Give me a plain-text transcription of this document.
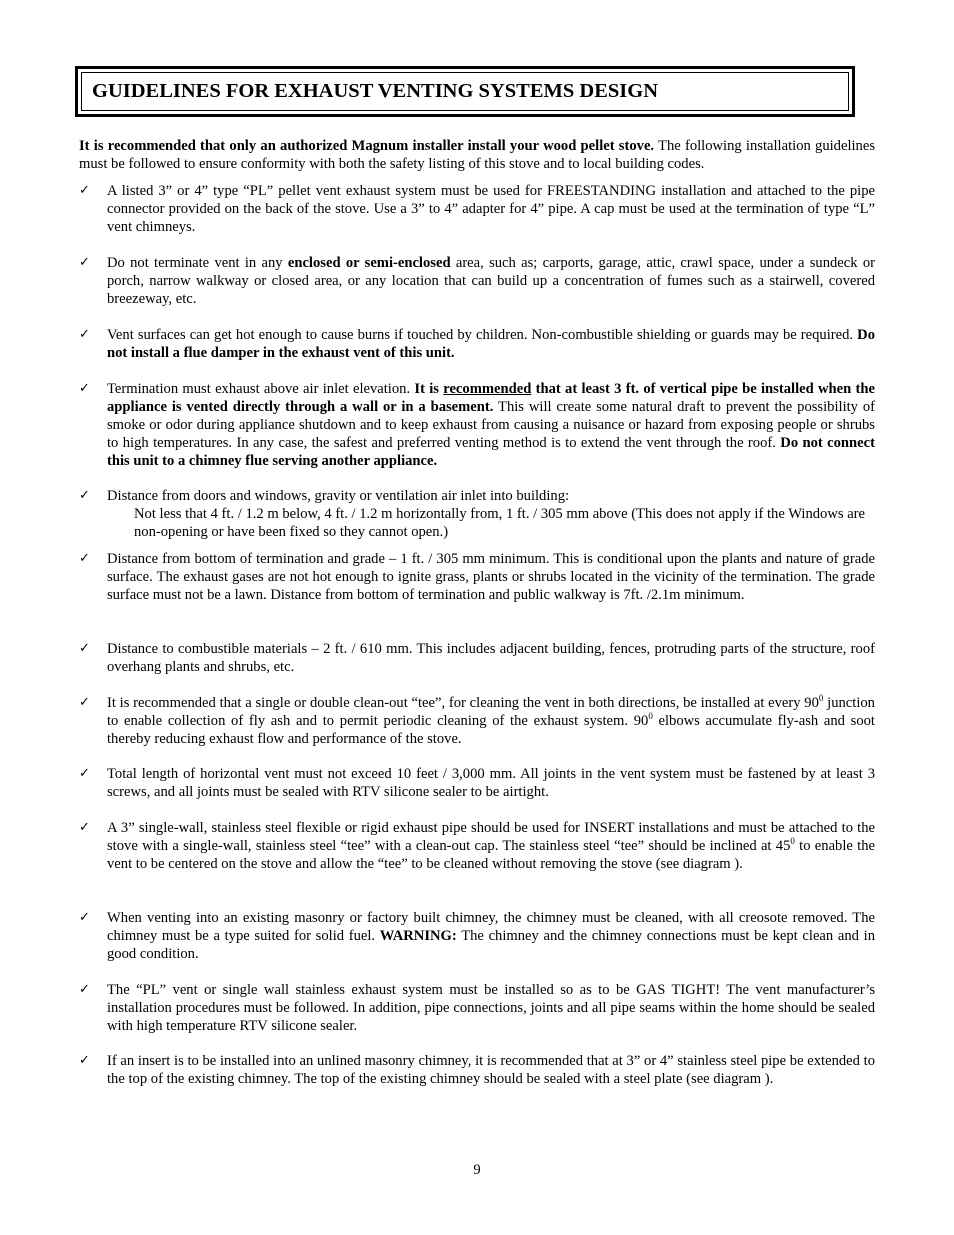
GUIDELINES FOR EXHAUST VENTING SYSTEMS DESIGN

It is recommended that only an authorized Magnum installer install your wood pellet stove. The following installation guidelines must be followed to ensure conformity with both the safety listing of this stove and to local building codes.

✓	A listed 3” or 4” type “PL” pellet vent exhaust system must be used for FREESTANDING installation and attached to the pipe connector provided on the back of the stove. Use a 3” to 4” adapter for 4” pipe. A cap must be used at the termination of type “L” vent chimneys.
✓	Do not terminate vent in any enclosed or semi-enclosed area, such as; carports, garage, attic, crawl space, under a sundeck or porch, narrow walkway or closed area, or any location that can build up a concentration of fumes such as a stairwell, covered breezeway, etc.
✓	Vent surfaces can get hot enough to cause burns if touched by children. Non-combustible shielding or guards may be required. Do not install a flue damper in the exhaust vent of this unit.
✓	Termination must exhaust above air inlet elevation. It is recommended that at least 3 ft. of vertical pipe be installed when the appliance is vented directly through a wall or in a basement. This will create some natural draft to prevent the possibility of smoke or odor during appliance shutdown and to keep exhaust from causing a nuisance or hazard from exposing people or shrubs to high temperatures. In any case, the safest and preferred venting method is to extend the vent through the roof. Do not connect this unit to a chimney flue serving another appliance.
✓	Distance from doors and windows, gravity or ventilation air inlet into building:
Not less that 4 ft. / 1.2 m below, 4 ft. / 1.2 m horizontally from, 1 ft. / 305 mm above (This does not apply if the Windows are non-opening or have been fixed so they cannot open.)
✓	Distance from bottom of termination and grade – 1 ft. / 305 mm minimum. This is conditional upon the plants and nature of grade surface. The exhaust gases are not hot enough to ignite grass, plants or shrubs located in the vicinity of the termination. The grade surface must not be a lawn. Distance from bottom of termination and public walkway is 7ft. /2.1m minimum.
✓	Distance to combustible materials – 2 ft. / 610 mm. This includes adjacent building, fences, protruding parts of the structure, roof overhang plants and shrubs, etc.
✓	It is recommended that a single or double clean-out “tee”, for cleaning the vent in both directions, be installed at every $90^0$ junction to enable collection of fly ash and to permit periodic cleaning of the exhaust system. $90^0$ elbows accumulate fly-ash and soot thereby reducing exhaust flow and performance of the stove.
✓	Total length of horizontal vent must not exceed 10 feet / 3,000 mm. All joints in the vent system must be fastened by at least 3 screws, and all joints must be sealed with RTV silicone sealer to be airtight.
✓	A 3” single-wall, stainless steel flexible or rigid exhaust pipe should be used for INSERT installations and must be attached to the stove with a single-wall, stainless steel “tee” with a clean-out cap. The stainless steel “tee” should be inclined at $45^0$ to enable the vent to be centered on the stove and allow the “tee” to be cleaned without removing the stove (see diagram ).
✓	When venting into an existing masonry or factory built chimney, the chimney must be cleaned, with all creosote removed. The chimney must be a type suited for solid fuel. WARNING: The chimney and the chimney connections must be kept clean and in good condition.
✓	The “PL” vent or single wall stainless exhaust system must be installed so as to be GAS TIGHT! The vent manufacturer’s installation procedures must be followed. In addition, pipe connections, joints and all pipe seams within the home should be sealed with high temperature RTV silicone sealer.
✓	If an insert is to be installed into an unlined masonry chimney, it is recommended that at 3” or 4” stainless steel pipe be extended to the top of the existing chimney. The top of the existing chimney should be sealed with a steel plate (see diagram ).
9
